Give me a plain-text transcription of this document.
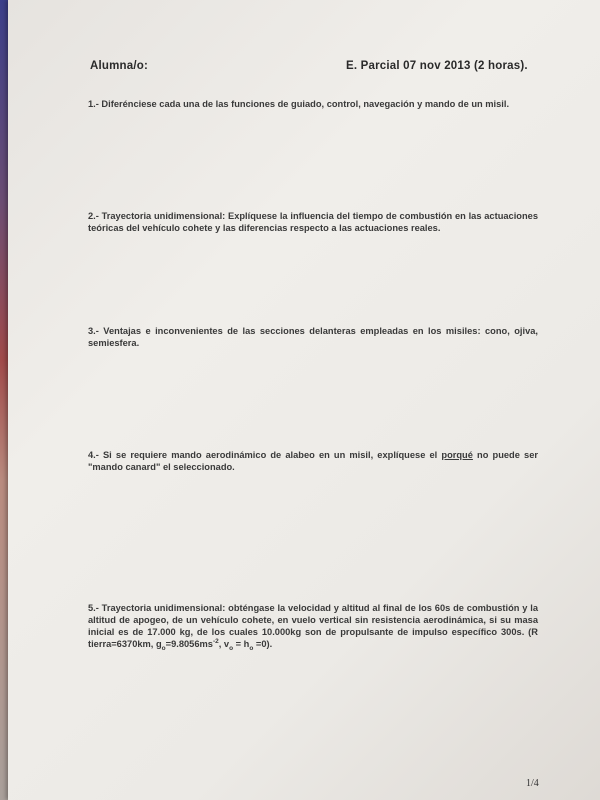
Alumna/o:	E. Parcial 07 nov 2013 (2 horas).
1.- Diferénciese cada una de las funciones de guiado, control, navegación y mando de un misil.
2.- Trayectoria unidimensional: Explíquese la influencia del tiempo de combustión en las actuaciones teóricas del vehículo cohete y las diferencias respecto a las actuaciones reales.
3.- Ventajas e inconvenientes de las secciones delanteras empleadas en los misiles: cono, ojiva, semiesfera.
4.- Si se requiere mando aerodinámico de alabeo en un misil, explíquese el porqué no puede ser "mando canard" el seleccionado.
5.- Trayectoria unidimensional: obténgase la velocidad y altitud al final de los 60s de combustión y la altitud de apogeo, de un vehículo cohete, en vuelo vertical sin resistencia aerodinámica, si su masa inicial es de 17.000 kg, de los cuales 10.000kg son de propulsante de impulso específico 300s. (R tierra=6370km, $g_o=9.8056ms^{-2}$, $v_o = h_o =0$).
1/4
